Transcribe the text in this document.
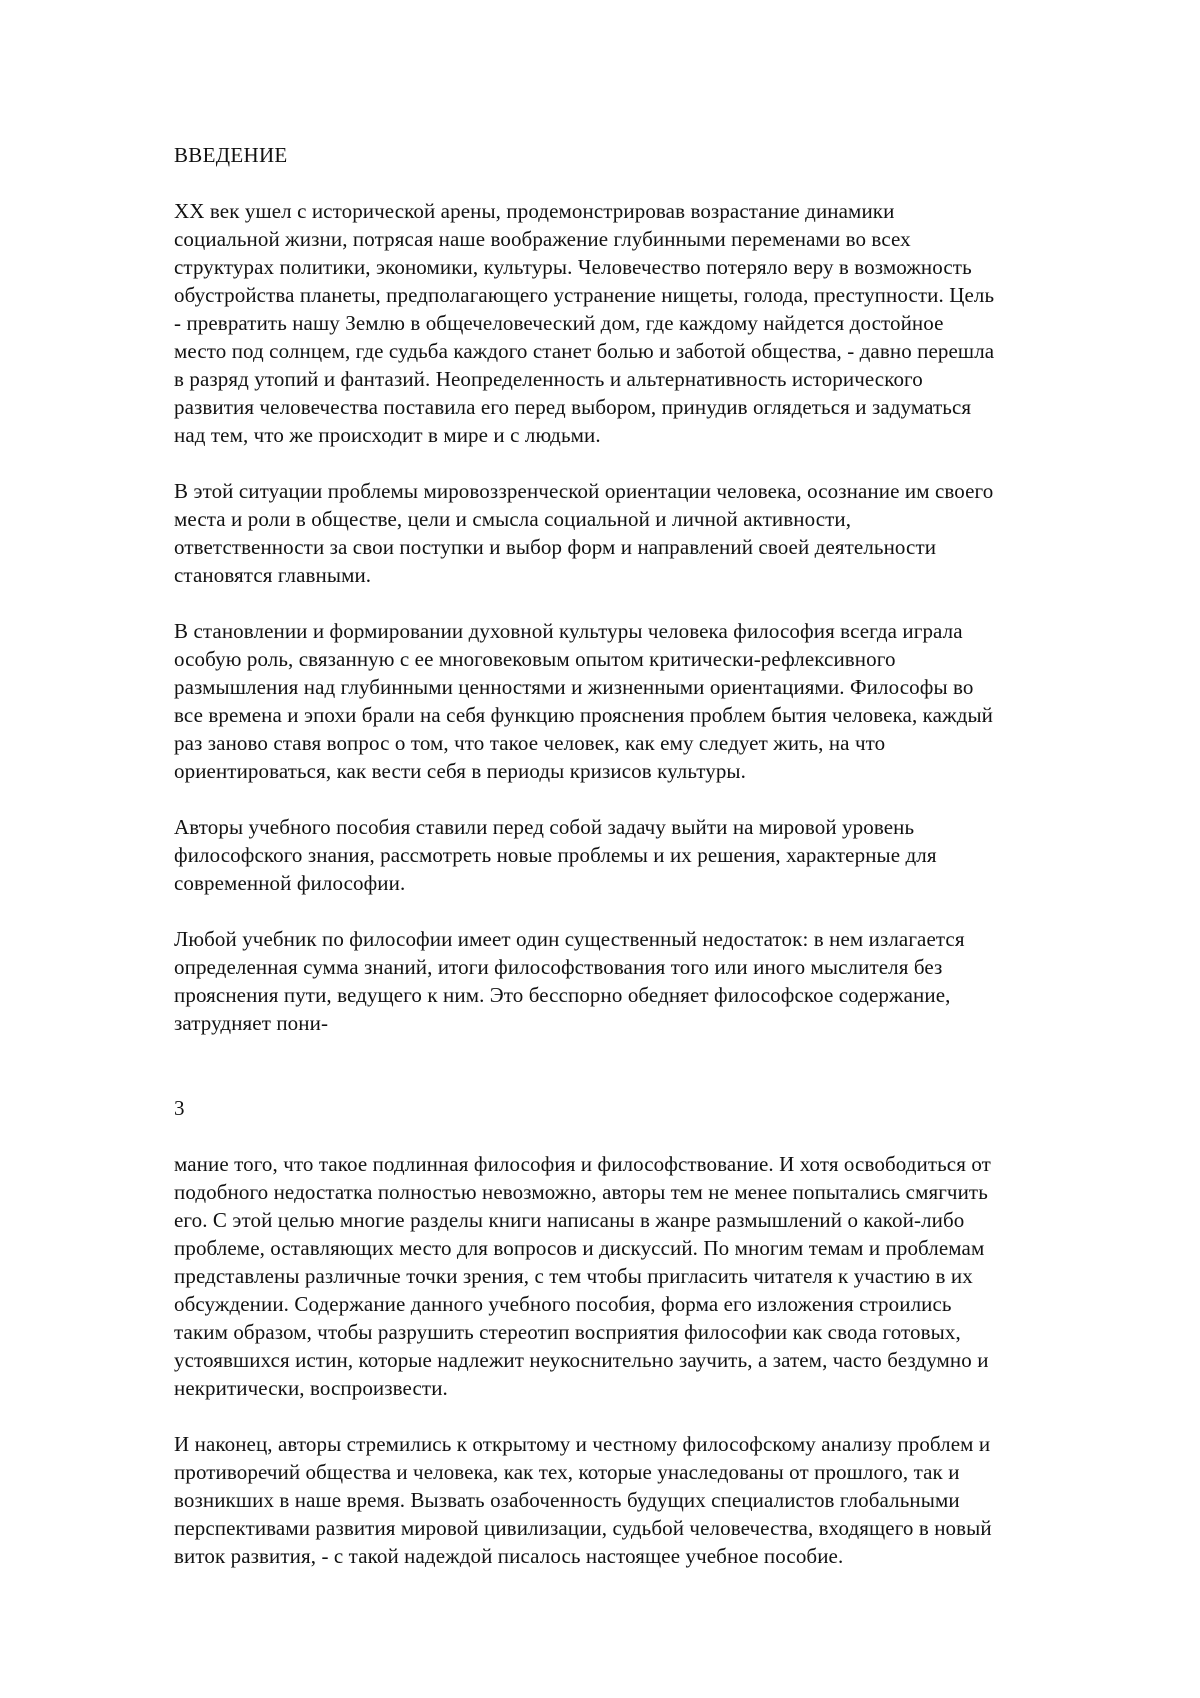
ВВЕДЕНИЕ
XX век ушел с исторической арены, продемонстрировав возрастание динамики
социальной жизни, потрясая наше воображение глубинными переменами во всех
структурах политики, экономики, культуры. Человечество потеряло веру в возможность
обустройства планеты, предполагающего устранение нищеты, голода, преступности. Цель
- превратить нашу Землю в общечеловеческий дом, где каждому найдется достойное
место под солнцем, где судьба каждого станет болью и заботой общества, - давно перешла
в разряд утопий и фантазий. Неопределенность и альтернативность исторического
развития человечества поставила его перед выбором, принудив оглядеться и задуматься
над тем, что же происходит в мире и с людьми.
В этой ситуации проблемы мировоззренческой ориентации человека, осознание им своего
места и роли в обществе, цели и смысла социальной и личной активности,
ответственности за свои поступки и выбор форм и направлений своей деятельности
становятся главными.
В становлении и формировании духовной культуры человека философия всегда играла
особую роль, связанную с ее многовековым опытом критически-рефлексивного
размышления над глубинными ценностями и жизненными ориентациями. Философы во
все времена и эпохи брали на себя функцию прояснения проблем бытия человека, каждый
раз заново ставя вопрос о том, что такое человек, как ему следует жить, на что
ориентироваться, как вести себя в периоды кризисов культуры.
Авторы учебного пособия ставили перед собой задачу выйти на мировой уровень
философского знания, рассмотреть новые проблемы и их решения, характерные для
современной философии.
Любой учебник по философии имеет один существенный недостаток: в нем излагается
определенная сумма знаний, итоги философствования того или иного мыслителя без
прояснения пути, ведущего к ним. Это бесспорно обедняет философское содержание,
затрудняет пони-
3
мание того, что такое подлинная философия и философствование. И хотя освободиться от
подобного недостатка полностью невозможно, авторы тем не менее попытались смягчить
его. С этой целью многие разделы книги написаны в жанре размышлений о какой-либо
проблеме, оставляющих место для вопросов и дискуссий. По многим темам и проблемам
представлены различные точки зрения, с тем чтобы пригласить читателя к участию в их
обсуждении. Содержание данного учебного пособия, форма его изложения строились
таким образом, чтобы разрушить стереотип восприятия философии как свода готовых,
устоявшихся истин, которые надлежит неукоснительно заучить, а затем, часто бездумно и
некритически, воспроизвести.
И наконец, авторы стремились к открытому и честному философскому анализу проблем и
противоречий общества и человека, как тех, которые унаследованы от прошлого, так и
возникших в наше время. Вызвать озабоченность будущих специалистов глобальными
перспективами развития мировой цивилизации, судьбой человечества, входящего в новый
виток развития, - с такой надеждой писалось настоящее учебное пособие.
